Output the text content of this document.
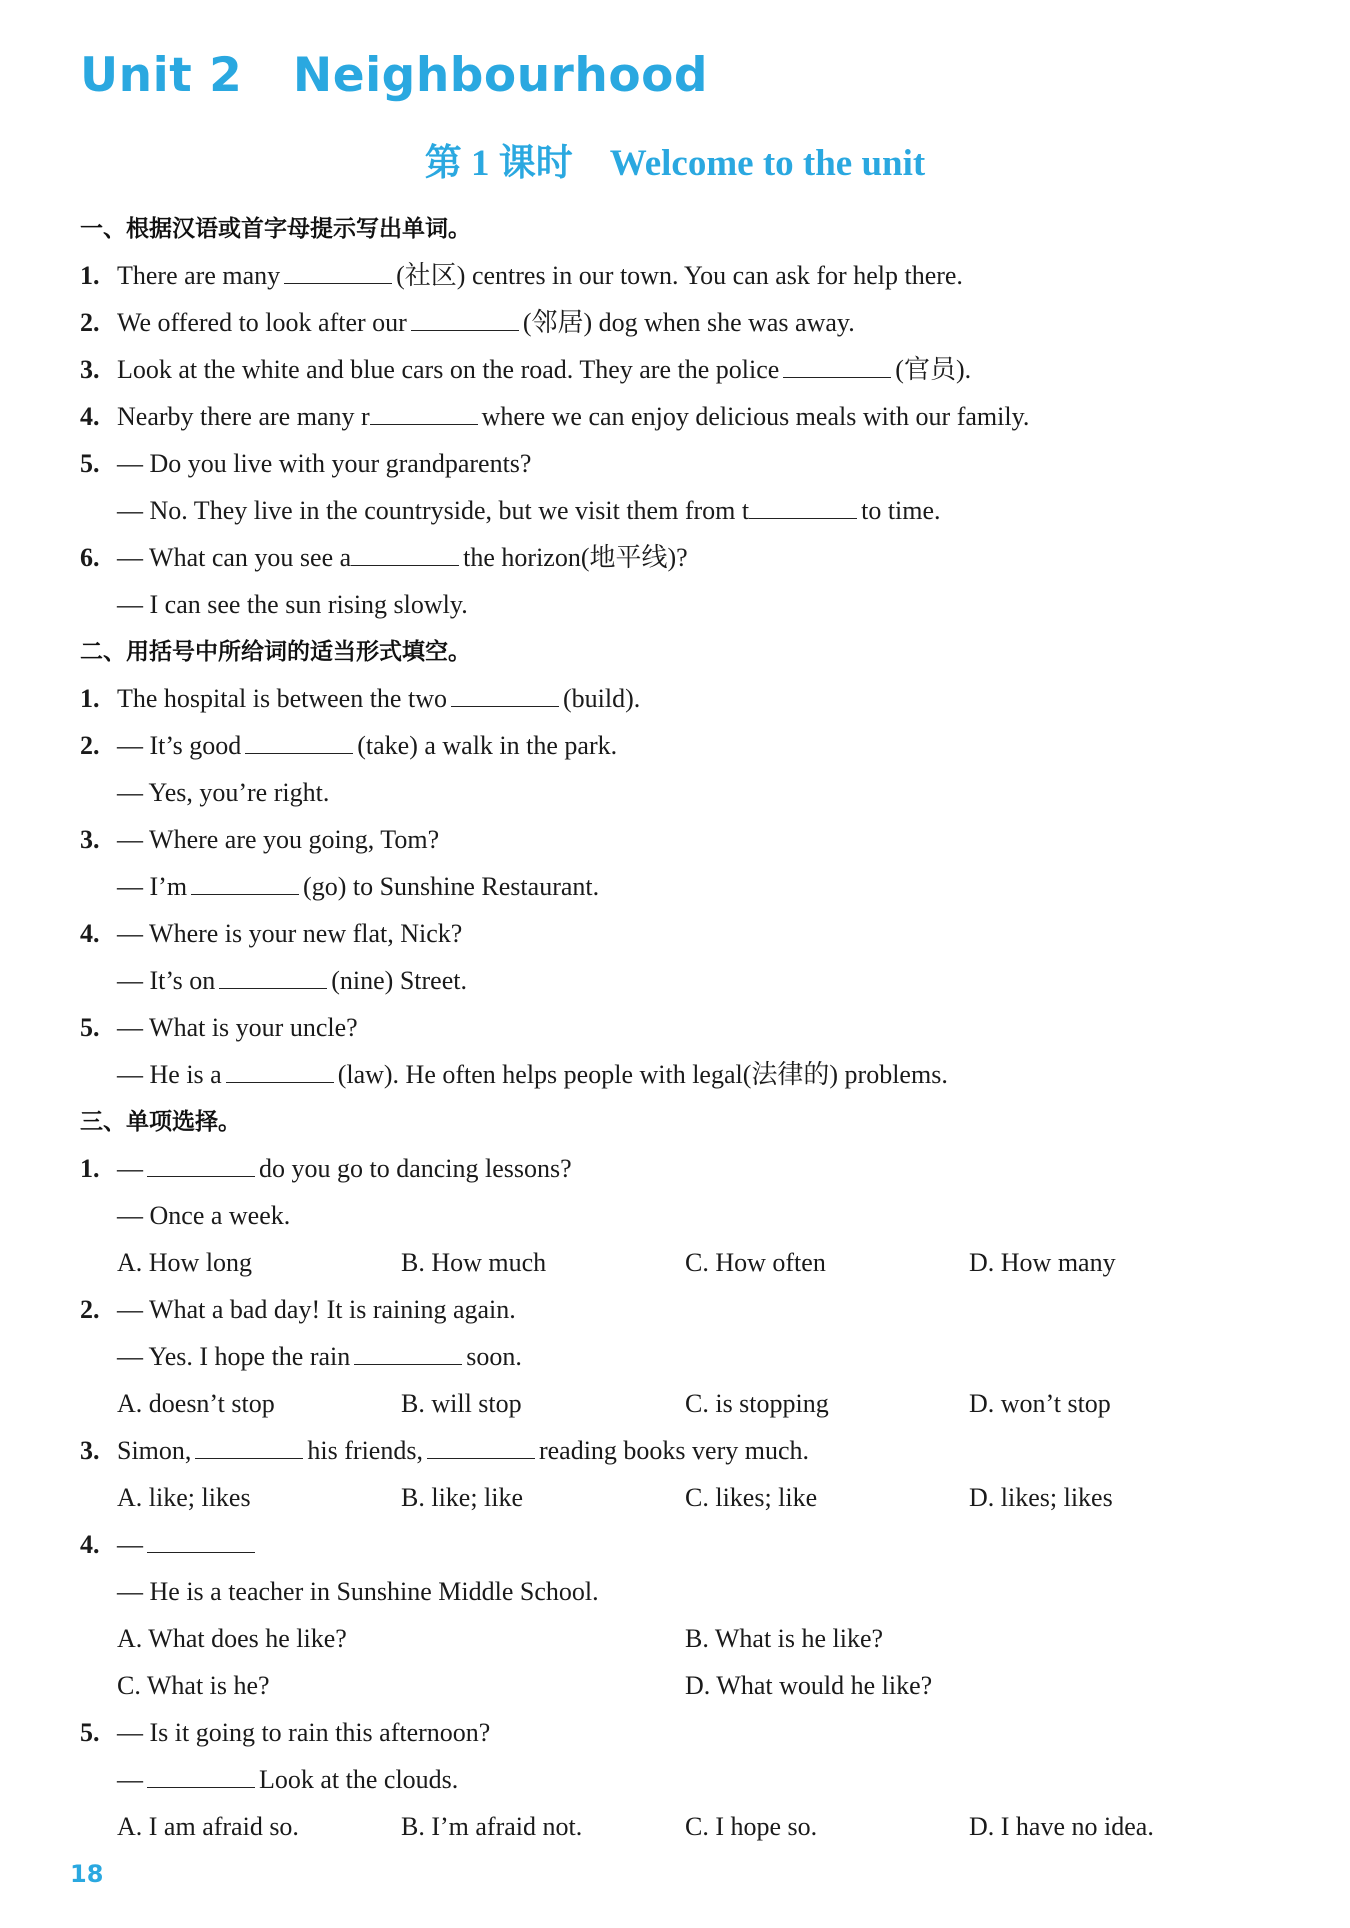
Unit 2   Neighbourhood
第 1 课时    Welcome to the unit
一、根据汉语或首字母提示写出单词。
1. There are many	(社区) centres in our town. You can ask for help there.
2. We offered to look after our	(邻居) dog when she was away.
3. Look at the white and blue cars on the road. They are the police	(官员).
4. Nearby there are many r	where we can enjoy delicious meals with our family.
5. — Do you live with your grandparents?
— No. They live in the countryside, but we visit them from t	to time.
6. — What can you see a	the horizon(地平线)?
— I can see the sun rising slowly.
二、用括号中所给词的适当形式填空。
1. The hospital is between the two	(build).
2. — It’s good	(take) a walk in the park.
— Yes, you’re right.
3. — Where are you going, Tom?
— I’m	(go) to Sunshine Restaurant.
4. — Where is your new flat, Nick?
— It’s on	(nine) Street.
5. — What is your uncle?
— He is a	(law). He often helps people with legal(法律的) problems.
三、单项选择。
1. —	do you go to dancing lessons?
— Once a week.
A. How long	B. How much	C. How often	D. How many
2. — What a bad day! It is raining again.
— Yes. I hope the rain	soon.
A. doesn’t stop	B. will stop	C. is stopping	D. won’t stop
3. Simon,	his friends,	reading books very much.
A. like; likes	B. like; like	C. likes; like	D. likes; likes
4. —
— He is a teacher in Sunshine Middle School.
A. What does he like?	B. What is he like?
C. What is he?	D. What would he like?
5. — Is it going to rain this afternoon?
—	Look at the clouds.
A. I am afraid so.	B. I’m afraid not.	C. I hope so.	D. I have no idea.
18
